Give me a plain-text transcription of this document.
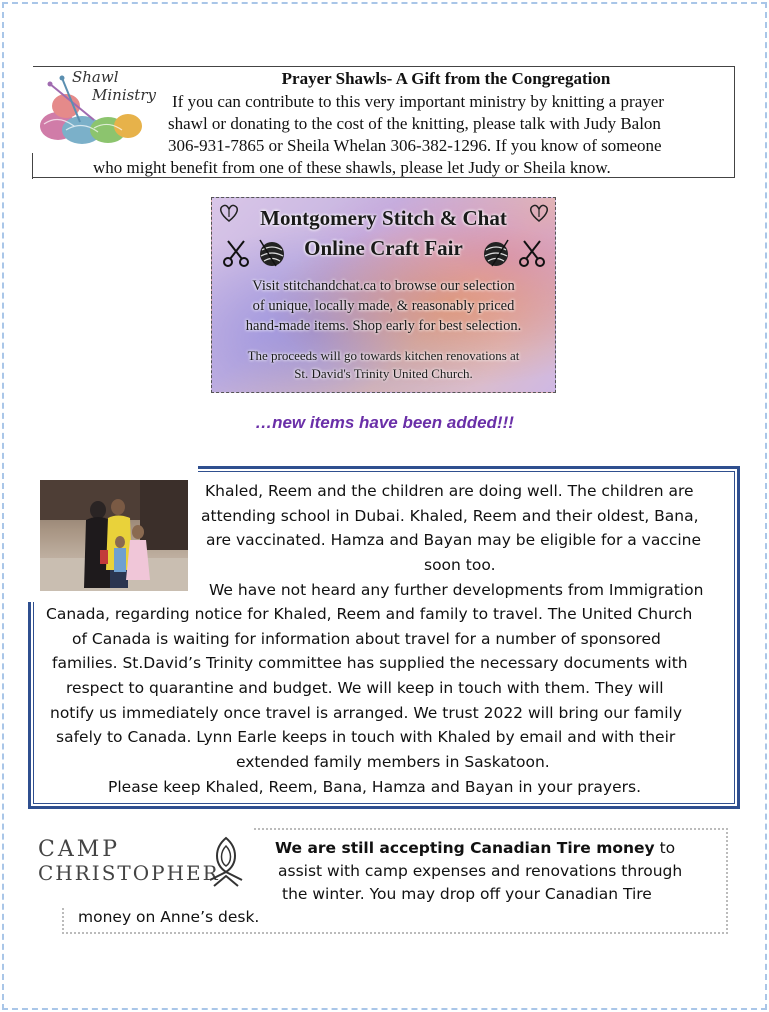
Shawl
Ministry
Prayer Shawls- A Gift from the Congregation
If you can contribute to this very important ministry by knitting a prayer
shawl or donating to the cost of the knitting, please talk with Judy Balon
306-931-7865 or Sheila Whelan 306-382-1296. If you know of someone
who might benefit from one of these shawls, please let Judy or Sheila know.
Montgomery Stitch & Chat
Online Craft Fair
Visit stitchandchat.ca to browse our selection
of unique, locally made, & reasonably priced
hand-made items. Shop early for best selection.
The proceeds will go towards kitchen renovations at
St. David's Trinity United Church.
…new items have been added!!!
Khaled, Reem and the children are doing well. The children are
attending school in Dubai. Khaled, Reem and their oldest, Bana,
are vaccinated. Hamza and Bayan may be eligible for a vaccine
soon too.
We have not heard any further developments from Immigration
Canada, regarding notice for Khaled, Reem and family to travel. The United Church
of Canada is waiting for information about travel for a number of sponsored
families. St.David’s Trinity committee has supplied the necessary documents with
respect to quarantine and budget. We will keep in touch with them. They will
notify us immediately once travel is arranged. We trust 2022 will bring our family
safely to Canada. Lynn Earle keeps in touch with Khaled by email and with their
extended family members in Saskatoon.
Please keep Khaled, Reem, Bana, Hamza and Bayan in your prayers.
CAMP
CHRISTOPHER
We are still accepting Canadian Tire money to
assist with camp expenses and renovations through
the winter. You may drop off your Canadian Tire
money on Anne’s desk.
